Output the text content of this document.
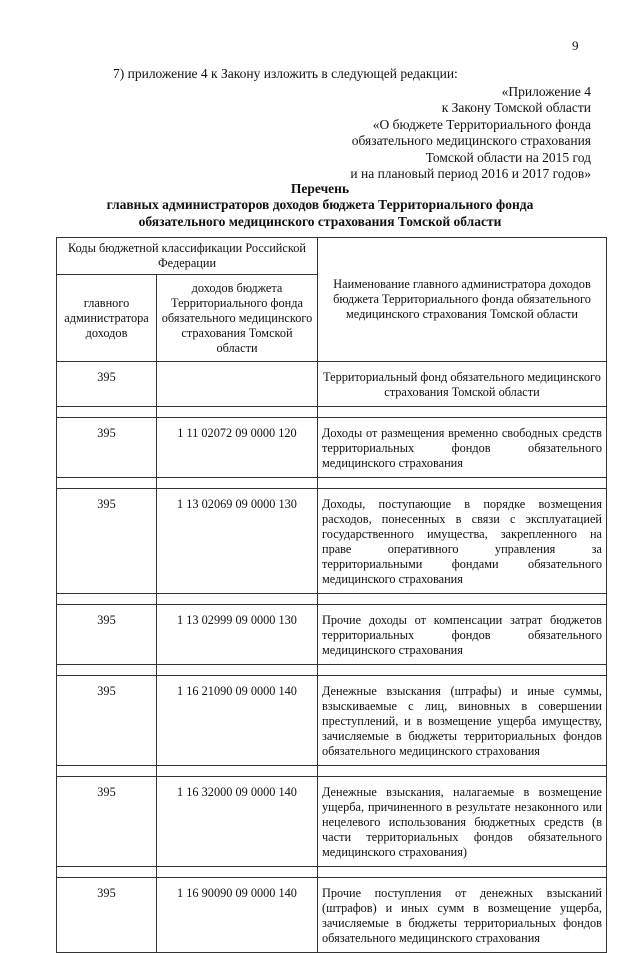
9
7) приложение 4 к Закону изложить в следующей редакции:
«Приложение 4
к Закону Томской области
«О бюджете Территориального фонда
обязательного медицинского страхования
Томской области на 2015 год
и на плановый период 2016 и 2017 годов»
Перечень
главных администраторов доходов бюджета Территориального фонда
обязательного медицинского страхования Томской области
Коды бюджетной классификации Российской Федерации		Наименование главного администратора доходов бюджета Территориального фонда обязательного медицинского страхования Томской области
главного администратора доходов	доходов бюджета Территориального фонда обязательного медицинского страхования Томской области	
395		Территориальный фонд обязательного медицинского страхования Томской области

395	1 11 02072 09 0000 120	Доходы от размещения временно свободных средств территориальных фондов обязательного медицинского страхования

395	1 13 02069 09 0000 130	Доходы, поступающие в порядке возмещения расходов, понесенных в связи с эксплуатацией государственного имущества, закрепленного на праве оперативного управления за территориальными фондами обязательного медицинского страхования

395	1 13 02999 09 0000 130	Прочие доходы от компенсации затрат бюджетов территориальных фондов обязательного медицинского страхования

395	1 16 21090 09 0000 140	Денежные взыскания (штрафы) и иные суммы, взыскиваемые с лиц, виновных в совершении преступлений, и в возмещение ущерба имуществу, зачисляемые в бюджеты территориальных фондов обязательного медицинского страхования

395	1 16 32000 09 0000 140	Денежные взыскания, налагаемые в возмещение ущерба, причиненного в результате незаконного или нецелевого использования бюджетных средств (в части территориальных фондов обязательного медицинского страхования)

395	1 16 90090 09 0000 140	Прочие поступления от денежных взысканий (штрафов) и иных сумм в возмещение ущерба, зачисляемые в бюджеты территориальных фондов обязательного медицинского страхования
